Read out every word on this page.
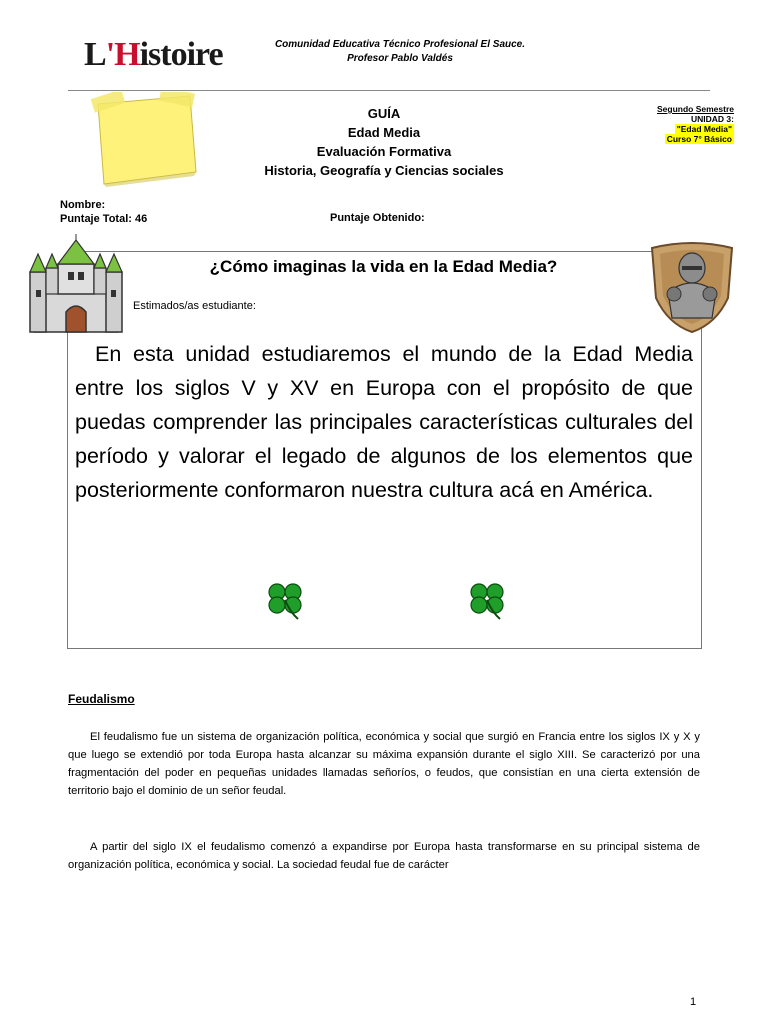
L'Histoire	Comunidad Educativa Técnico Profesional El Sauce.
Profesor Pablo Valdés
GUÍA
Edad Media
Evaluación Formativa
Historia, Geografía y Ciencias sociales
Segundo Semestre
UNIDAD 3:
"Edad Media"
Curso 7° Básico
Nombre:
Puntaje Total: 46	Puntaje Obtenido:
¿Cómo imaginas la vida en la Edad Media?
Estimados/as estudiante:
En esta unidad estudiaremos el mundo de la Edad Media entre los siglos V y XV en Europa con el propósito de que puedas comprender las principales características culturales del período y valorar el legado de algunos de los elementos que posteriormente conformaron nuestra cultura acá en América.
Feudalismo
El feudalismo fue un sistema de organización política, económica y social que surgió en Francia entre los siglos IX y X y que luego se extendió por toda Europa hasta alcanzar su máxima expansión durante el siglo XIII. Se caracterizó por una fragmentación del poder en pequeñas unidades llamadas señoríos, o feudos, que consistían en una cierta extensión de territorio bajo el dominio de un señor feudal.
A partir del siglo IX el feudalismo comenzó a expandirse por Europa hasta transformarse en su principal sistema de organización política, económica y social. La sociedad feudal fue de carácter
1
